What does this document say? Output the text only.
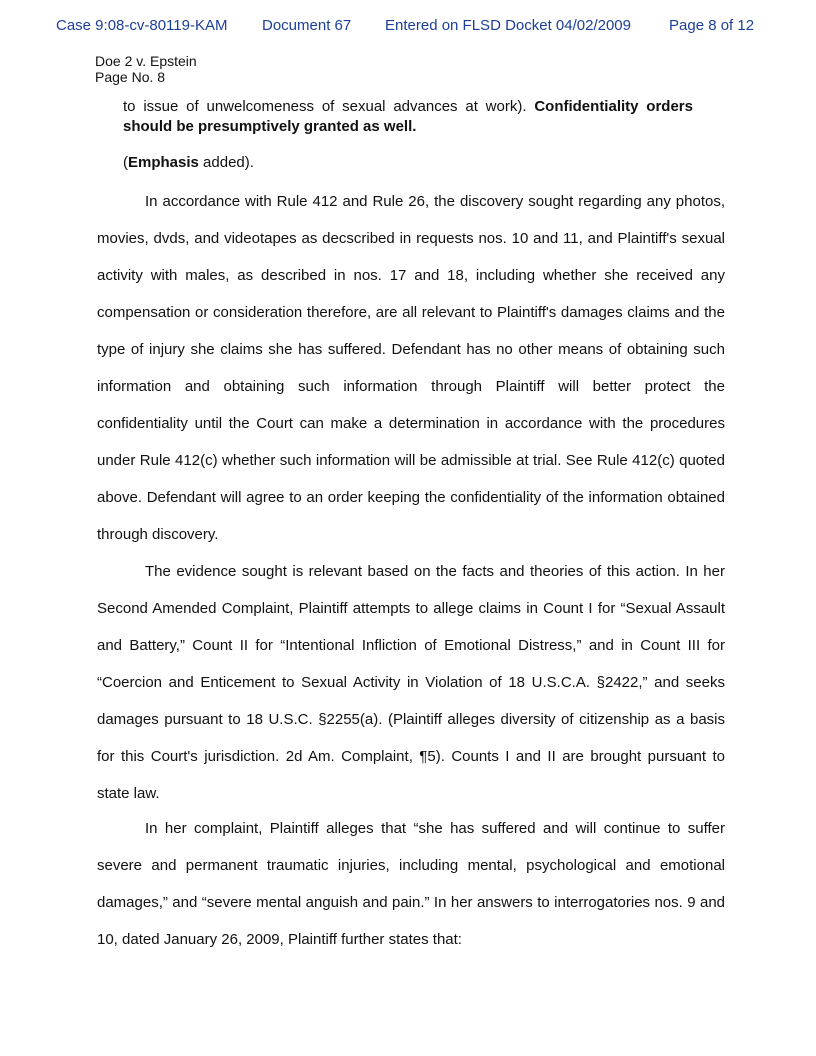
Case 9:08-cv-80119-KAM Document 67 Entered on FLSD Docket 04/02/2009	Page 8 of 12
Doe 2 v. Epstein
Page No. 8
to issue of unwelcomeness of sexual advances at work). Confidentiality orders should be presumptively granted as well.
(Emphasis added).

In accordance with Rule 412 and Rule 26, the discovery sought regarding any photos, movies, dvds, and videotapes as decscribed in requests nos. 10 and 11, and Plaintiff's sexual activity with males, as described in nos. 17 and 18, including whether she received any compensation or consideration therefore, are all relevant to Plaintiff's damages claims and the type of injury she claims she has suffered. Defendant has no other means of obtaining such information and obtaining such information through Plaintiff will better protect the confidentiality until the Court can make a determination in accordance with the procedures under Rule 412(c) whether such information will be admissible at trial. See Rule 412(c) quoted above. Defendant will agree to an order keeping the confidentiality of the information obtained through discovery.

The evidence sought is relevant based on the facts and theories of this action. In her Second Amended Complaint, Plaintiff attempts to allege claims in Count I for “Sexual Assault and Battery,” Count II for “Intentional Infliction of Emotional Distress,” and in Count III for “Coercion and Enticement to Sexual Activity in Violation of 18 U.S.C.A. §2422,” and seeks damages pursuant to 18 U.S.C. §2255(a). (Plaintiff alleges diversity of citizenship as a basis for this Court's jurisdiction. 2d Am. Complaint, ¶5). Counts I and II are brought pursuant to state law.

In her complaint, Plaintiff alleges that “she has suffered and will continue to suffer severe and permanent traumatic injuries, including mental, psychological and emotional damages,” and “severe mental anguish and pain.” In her answers to interrogatories nos. 9 and 10, dated January 26, 2009, Plaintiff further states that:
